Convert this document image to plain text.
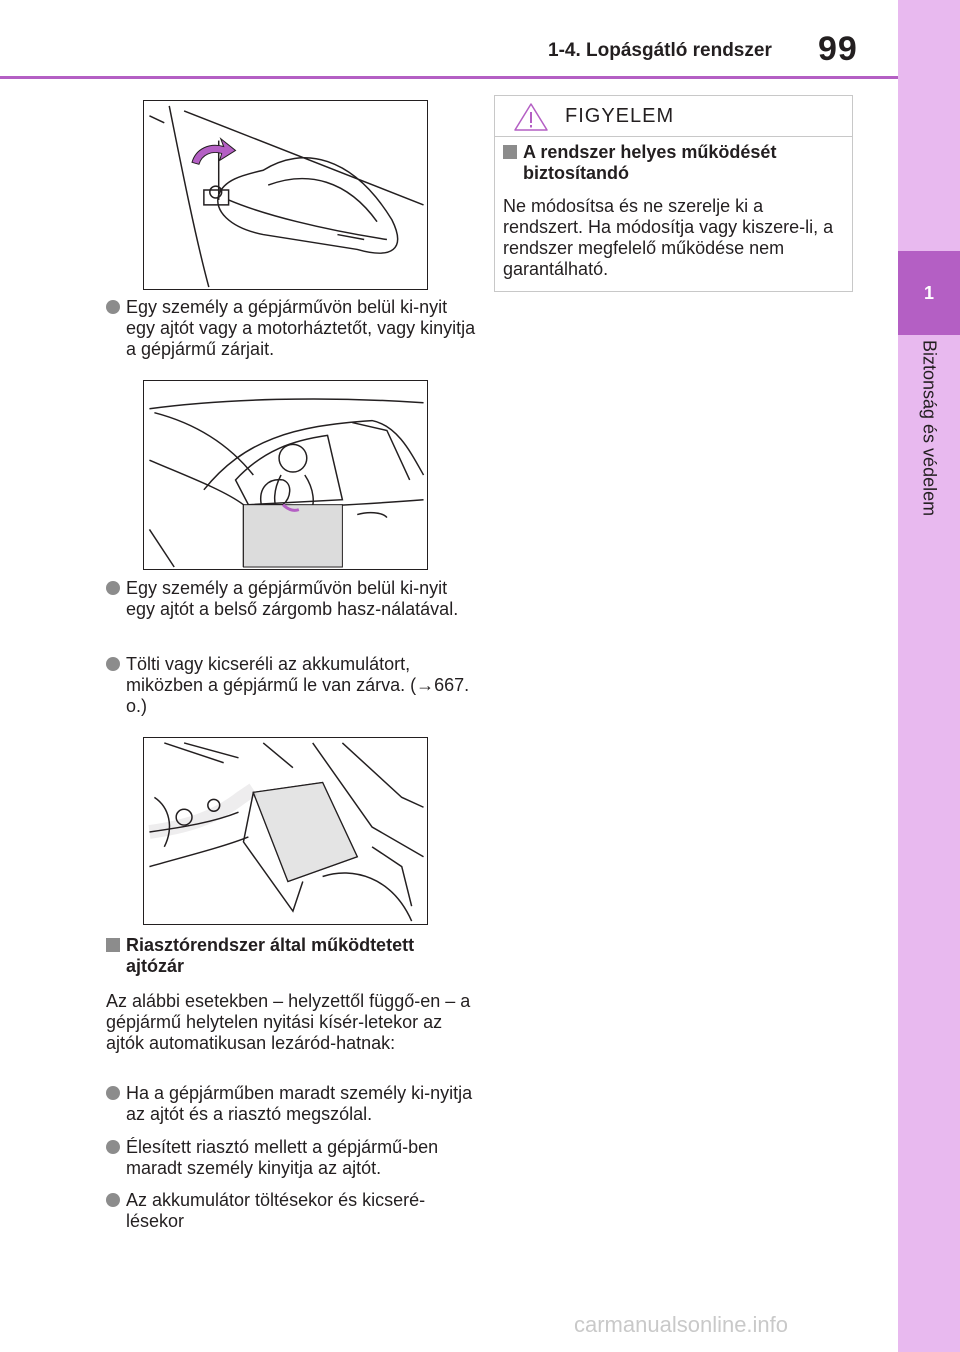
1-4. Lopásgátló rendszer 99
1
Biztonság és védelem
Egy személy a gépjárművön belül ki-nyit egy ajtót vagy a motorháztetőt, vagy kinyitja a gépjármű zárjait.
Egy személy a gépjárművön belül ki-nyit egy ajtót a belső zárgomb hasz-nálatával.
Tölti vagy kicseréli az akkumulátort, miközben a gépjármű le van zárva. (→667. o.)
Riasztórendszer által működtetett ajtózár
Az alábbi esetekben – helyzettől függő-en – a gépjármű helytelen nyitási kísér-letekor az ajtók automatikusan lezáród-hatnak:
Ha a gépjárműben maradt személy ki-nyitja az ajtót és a riasztó megszólal.
Élesített riasztó mellett a gépjármű-ben maradt személy kinyitja az ajtót.
Az akkumulátor töltésekor és kicseré-lésekor
FIGYELEM
A rendszer helyes működését biztosítandó
Ne módosítsa és ne szerelje ki a rendszert. Ha módosítja vagy kiszere-li, a rendszer megfelelő működése nem garantálható.
carmanualsonline.info
